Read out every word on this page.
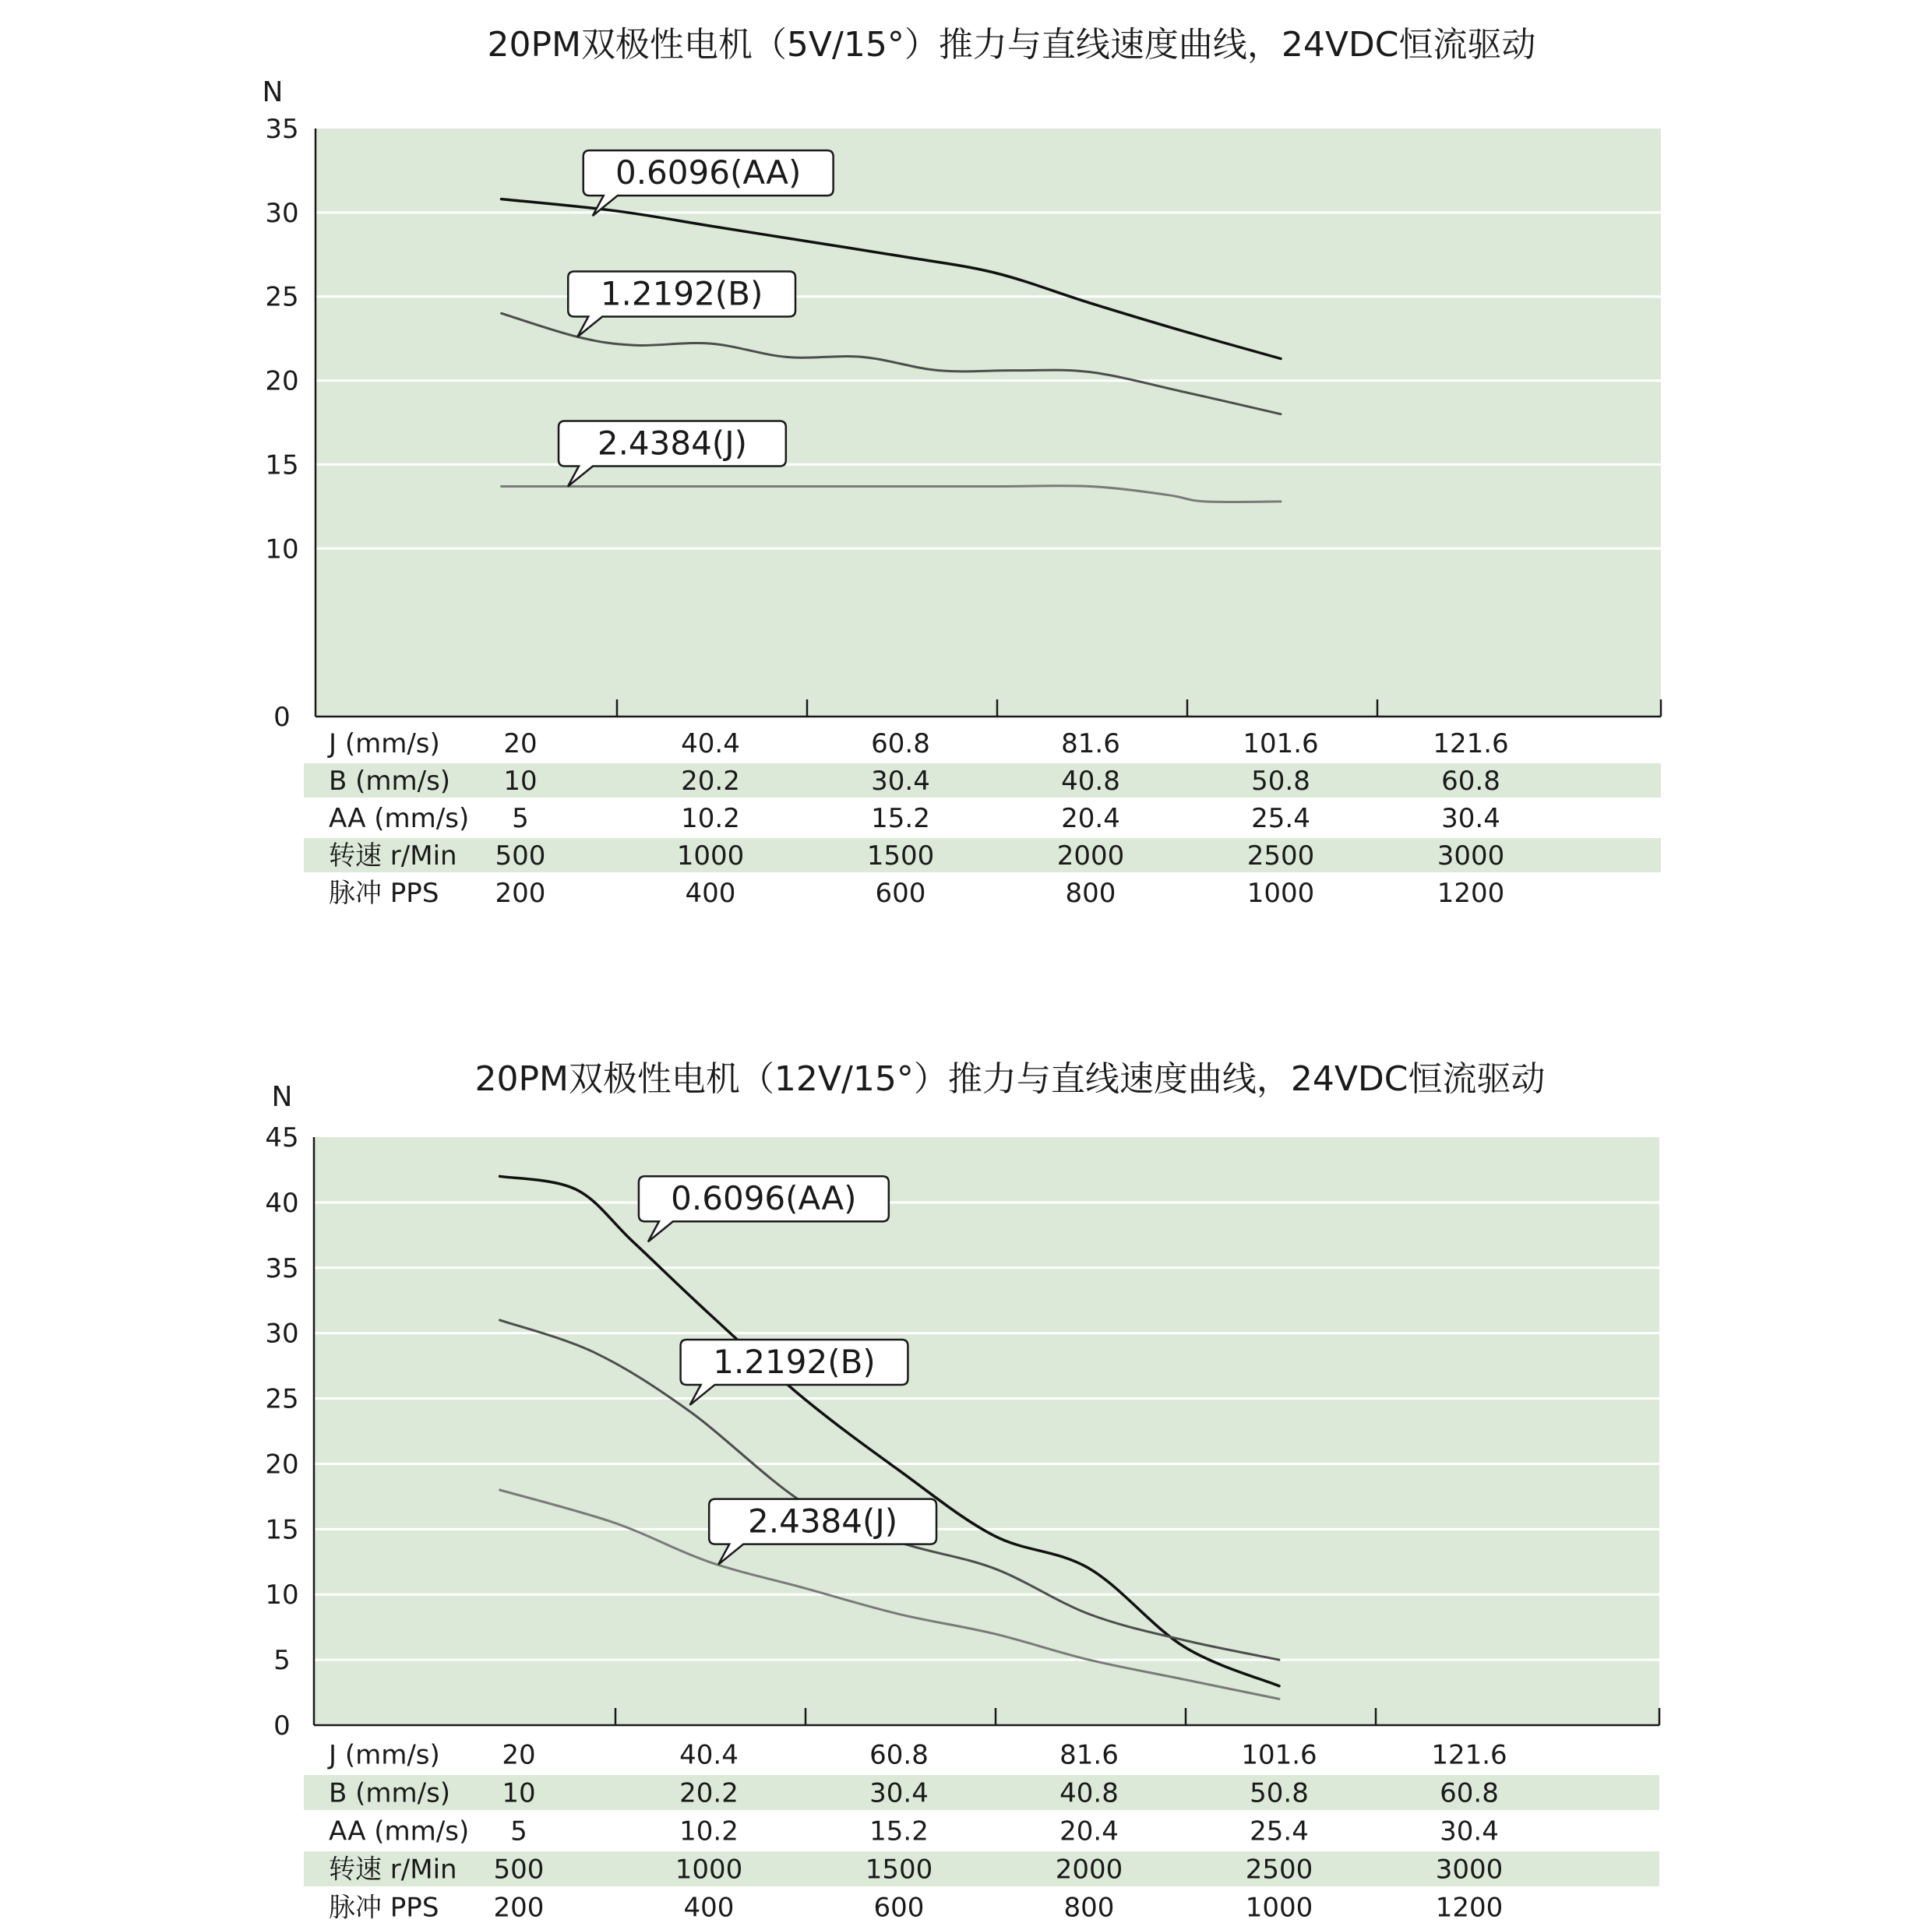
20PM双极性电机（5V/15°）推力与直线速度曲线，24VDC恒流驱动
N
0
10
15
20
25
30
35
J (mm/s) 20	40.4	60.8	81.6	101.6	121.6
B (mm/s) 10	20.2	30.4	40.8	50.8	60.8
AA (mm/s) 5	10.2	15.2	20.4	25.4	30.4
转速 r/Min 500	1000	1500	2000	2500	3000
脉冲 PPS 200	400	600	800	1000	1200
0.6096(AA)
1.2192(B)
2.4384(J)
20PM双极性电机（12V/15°）推力与直线速度曲线，24VDC恒流驱动
N
0
5
10
15
20
25
30
35
40
45
J (mm/s) 20	40.4	60.8	81.6	101.6	121.6
B (mm/s) 10	20.2	30.4	40.8	50.8	60.8
AA (mm/s) 5	10.2	15.2	20.4	25.4	30.4
转速 r/Min 500	1000	1500	2000	2500	3000
脉冲 PPS 200	400	600	800	1000	1200
0.6096(AA)
1.2192(B)
2.4384(J)
